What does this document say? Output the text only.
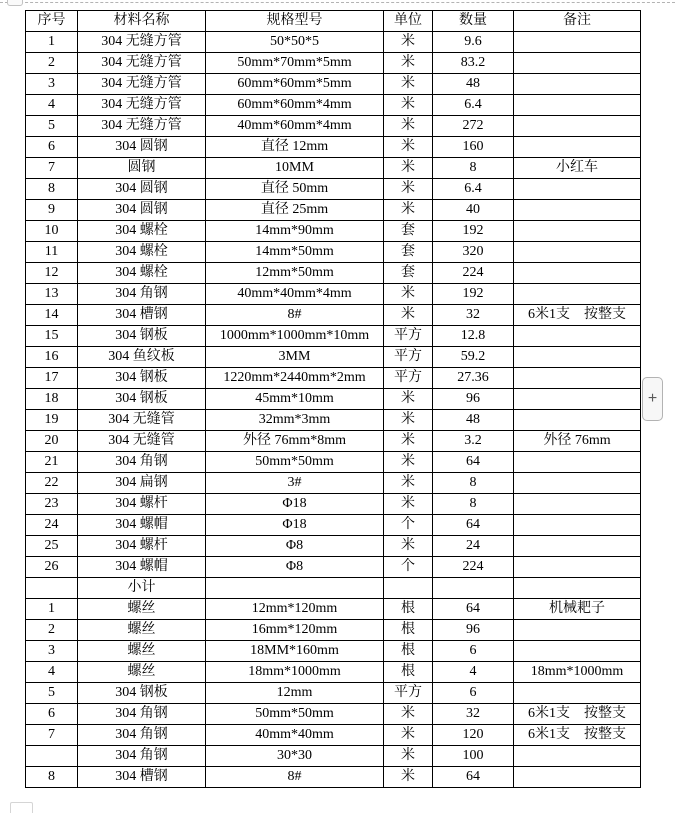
序号	材料名称	规格型号	单位	数量	备注
1	304 无缝方管	50*50*5	米	9.6	
2	304 无缝方管	50mm*70mm*5mm	米	83.2	
3	304 无缝方管	60mm*60mm*5mm	米	48	
4	304 无缝方管	60mm*60mm*4mm	米	6.4	
5	304 无缝方管	40mm*60mm*4mm	米	272	
6	304 圆钢	直径 12mm	米	160	
7	圆钢	10MM	米	8	小红车
8	304 圆钢	直径 50mm	米	6.4	
9	304 圆钢	直径 25mm	米	40	
10	304 螺栓	14mm*90mm	套	192	
11	304 螺栓	14mm*50mm	套	320	
12	304 螺栓	12mm*50mm	套	224	
13	304 角钢	40mm*40mm*4mm	米	192	
14	304 槽钢	8#	米	32	6米1支　按整支
15	304 钢板	1000mm*1000mm*10mm	平方	12.8	
16	304 鱼纹板	3MM	平方	59.2	
17	304 钢板	1220mm*2440mm*2mm	平方	27.36	
18	304 钢板	45mm*10mm	米	96	
19	304 无缝管	32mm*3mm	米	48	
20	304 无缝管	外径 76mm*8mm	米	3.2	外径 76mm
21	304 角钢	50mm*50mm	米	64	
22	304 扁钢	3#	米	8	
23	304 螺杆	Φ18	米	8	
24	304 螺帽	Φ18	个	64	
25	304 螺杆	Φ8	米	24	
26	304 螺帽	Φ8	个	224	
	小计				
1	螺丝	12mm*120mm	根	64	机械耙子
2	螺丝	16mm*120mm	根	96	
3	螺丝	18MM*160mm	根	6	
4	螺丝	18mm*1000mm	根	4	18mm*1000mm
5	304 钢板	12mm	平方	6	
6	304 角钢	50mm*50mm	米	32	6米1支　按整支
7	304 角钢	40mm*40mm	米	120	6米1支　按整支
	304 角钢	30*30	米	100	
8	304 槽钢	8#	米	64	
+
